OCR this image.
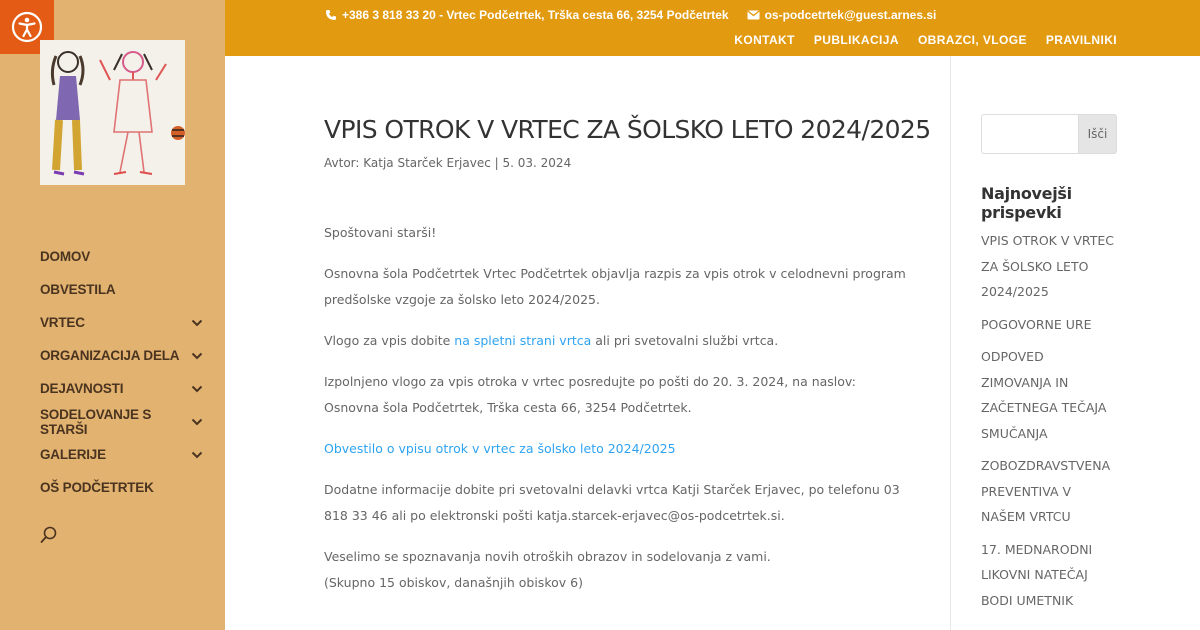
DOMOV
OBVESTILA
VRTEC
ORGANIZACIJA DELA
DEJAVNOSTI
SODELOVANJE S STARŠI
GALERIJE
OŠ PODČETRTEK
+386 3 818 33 20 - Vrtec Podčetrtek, Trška cesta 66, 3254 Podčetrtek	os-podcetrtek@guest.arnes.si
KONTAKT PUBLIKACIJA OBRAZCI, VLOGE PRAVILNIKI
VPIS OTROK V VRTEC ZA ŠOLSKO LETO 2024/2025
Avtor: Katja Starček Erjavec | 5. 03. 2024

Spoštovani starši!

Osnovna šola Podčetrtek Vrtec Podčetrtek objavlja razpis za vpis otrok v celodnevni program predšolske vzgoje za šolsko leto 2024/2025.

Vlogo za vpis dobite na spletni strani vrtca ali pri svetovalni službi vrtca.

Izpolnjeno vlogo za vpis otroka v vrtec posredujte po pošti do 20. 3. 2024, na naslov:
Osnovna šola Podčetrtek, Trška cesta 66, 3254 Podčetrtek.

Obvestilo o vpisu otrok v vrtec za šolsko leto 2024/2025

Dodatne informacije dobite pri svetovalni delavki vrtca Katji Starček Erjavec, po telefonu 03 818 33 46 ali po elektronski pošti katja.starcek-erjavec@os-podcetrtek.si.

Veselimo se spoznavanja novih otroških obrazov in sodelovanja z vami.
(Skupno 15 obiskov, današnjih obiskov 6)

Išči
Najnovejši prispevki
VPIS OTROK V VRTEC ZA ŠOLSKO LETO 2024/2025
POGOVORNE URE
ODPOVED ZIMOVANJA IN ZAČETNEGA TEČAJA SMUČANJA
ZOBOZDRAVSTVENA PREVENTIVA V NAŠEM VRTCU
17. MEDNARODNI LIKOVNI NATEČAJ BODI UMETNIK
